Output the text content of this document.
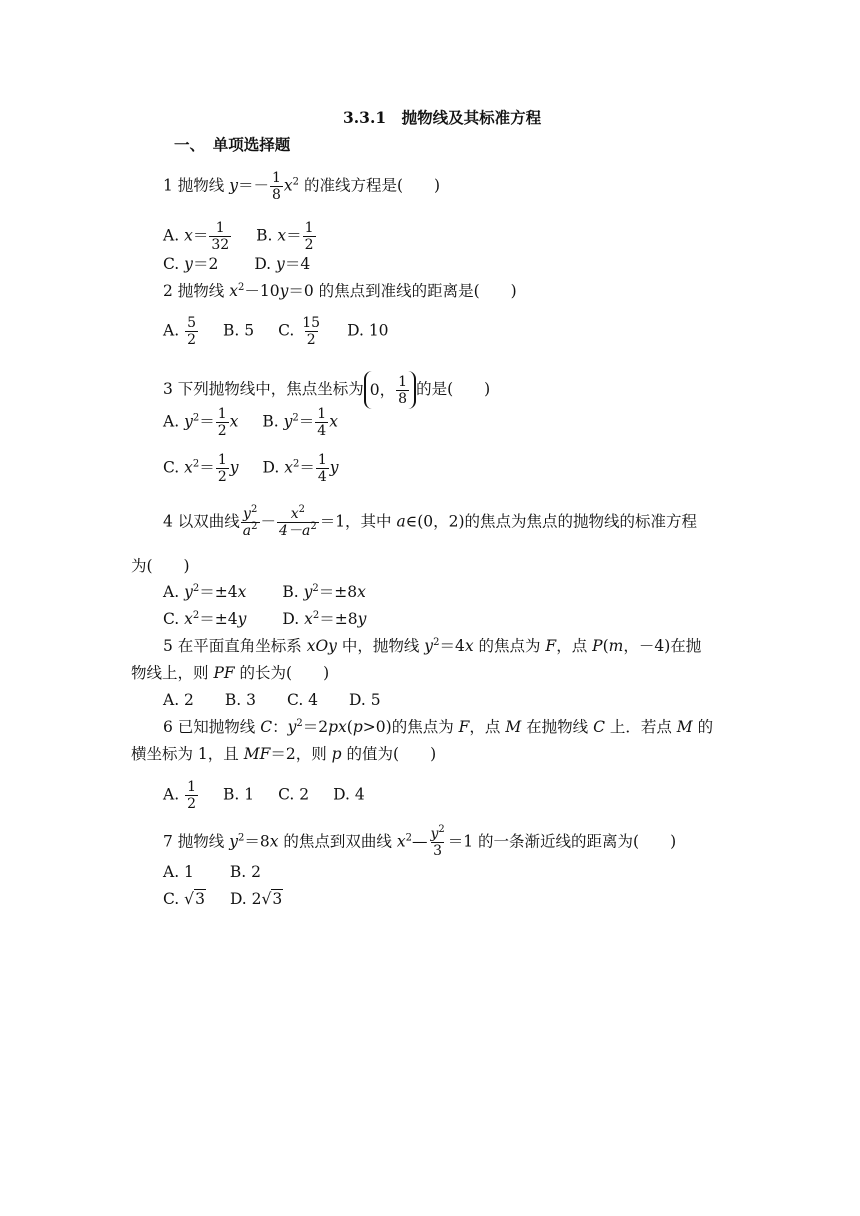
3.3.1　抛物线及其标准方程
一、　单项选择题
1 抛物线 $y=- \frac{1}{8} x^2$ 的准线方程是(　　)
A. $x= \frac{1}{32} B$. $x= \frac{1}{2}$
C. y＝2 D. y＝4
2 抛物线 $x^2-10y=0$ 的焦点到准线的距离是(　　)
A. $\frac{5}{2} B$. 5 C. $\frac{15}{2} D$. 10
3 下列抛物线中，焦点坐标为 0， $\frac{1}{8}$ 的是(　　)
A. $y^2= \frac{1}{2}$ x B. $y^2= \frac{1}{4}$ x
C. $x^2= \frac{1}{2}$ y D. $x^2= \frac{1}{4}$ y
4 以双曲线 $\frac{y^2}{a^2} - \frac{x^2}{4-a^2} =1$，其中 a∈(0，2)的焦点为焦点的抛物线的标准方程
为(　　)
A. $y^2=\pm 4x$ B. $y^2=\pm 8x$
C. $x^2=\pm 4y$ D. $x^2=\pm 8y$
5 在平面直角坐标系 xOy 中，抛物线 $y^2=4x$ 的焦点为 F，点 P(m，－4)在抛
物线上，则 PF 的长为(　　)
A. 2　　B. 3　　C. 4　　D. 5
6 已知抛物线 C：$y^2=2px(p>0)$的焦点为 F，点 M 在抛物线 C 上．若点 M 的
横坐标为 1，且 MF＝2，则 p 的值为(　　)
A. $\frac{1}{2} B$. 1 C. 2 D. 4
7 抛物线 $y^2=8x$ 的焦点到双曲线 $x^2— \frac{y^2}{3} =1$ 的一条渐近线的距离为(　　)
A. 1 B. 2
C. √3 D. 2√3
